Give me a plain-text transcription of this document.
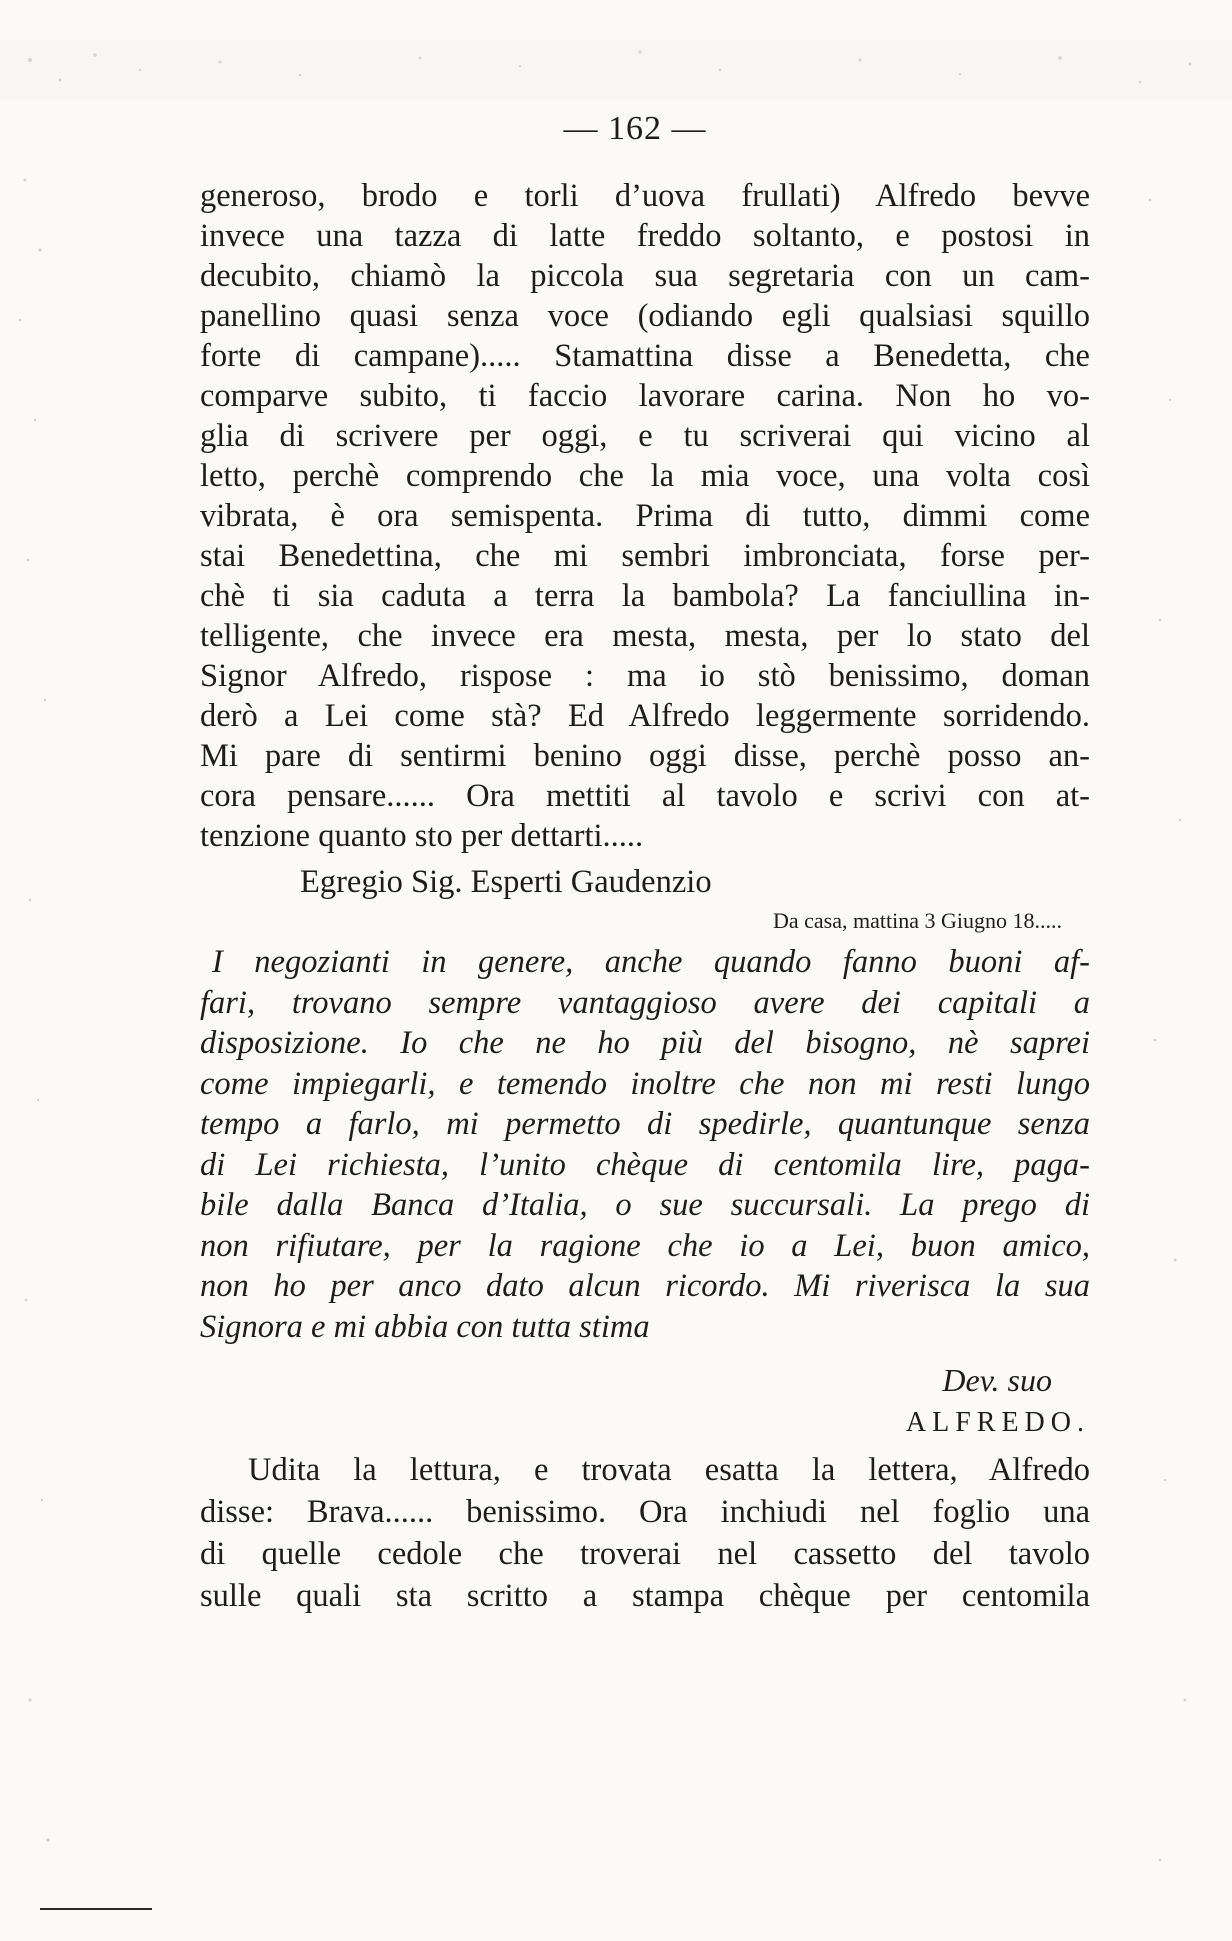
— 162 —
generoso, brodo e torli d’uova frullati) Alfredo bevve
invece una tazza di latte freddo soltanto, e postosi in
decubito, chiamò la piccola sua segretaria con un cam-
panellino quasi senza voce (odiando egli qualsiasi squillo
forte di campane)..... Stamattina disse a Benedetta, che
comparve subito, ti faccio lavorare carina. Non ho vo-
glia di scrivere per oggi, e tu scriverai qui vicino al
letto, perchè comprendo che la mia voce, una volta così
vibrata, è ora semispenta. Prima di tutto, dimmi come
stai Benedettina, che mi sembri imbronciata, forse per-
chè ti sia caduta a terra la bambola? La fanciullina in-
telligente, che invece era mesta, mesta, per lo stato del
Signor Alfredo, rispose : ma io stò benissimo, doman
derò a Lei come stà? Ed Alfredo leggermente sorridendo.
Mi pare di sentirmi benino oggi disse, perchè posso an-
cora pensare...... Ora mettiti al tavolo e scrivi con at-
tenzione quanto sto per dettarti.....
Egregio Sig. Esperti Gaudenzio
Da casa, mattina 3 Giugno 18.....
I negozianti in genere, anche quando fanno buoni af-
fari, trovano sempre vantaggioso avere dei capitali a
disposizione. Io che ne ho più del bisogno, nè saprei
come impiegarli, e temendo inoltre che non mi resti lungo
tempo a farlo, mi permetto di spedirle, quantunque senza
di Lei richiesta, l’unito chèque di centomila lire, paga-
bile dalla Banca d’Italia, o sue succursali. La prego di
non rifiutare, per la ragione che io a Lei, buon amico,
non ho per anco dato alcun ricordo. Mi riverisca la sua
Signora e mi abbia con tutta stima
Dev. suo
ALFREDO.
Udita la lettura, e trovata esatta la lettera, Alfredo
disse: Brava...... benissimo. Ora inchiudi nel foglio una
di quelle cedole che troverai nel cassetto del tavolo
sulle quali sta scritto a stampa chèque per centomila
